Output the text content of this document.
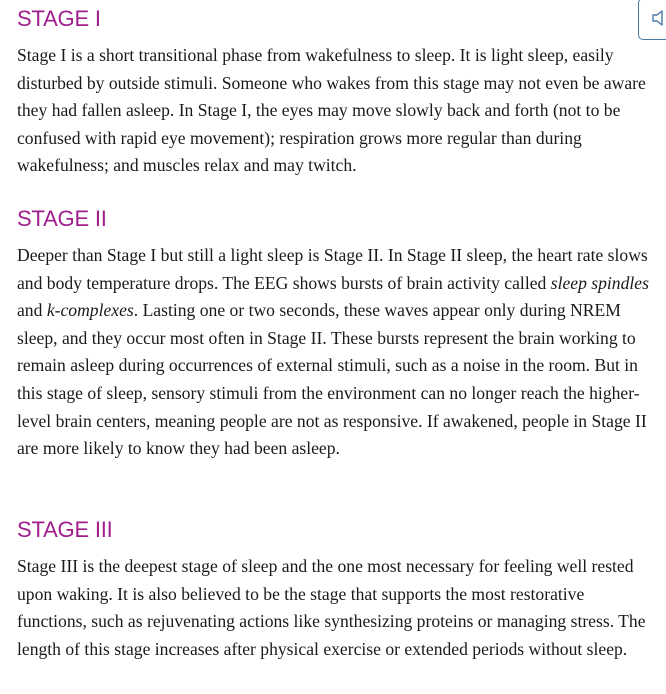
STAGE I

Stage I is a short transitional phase from wakefulness to sleep. It is light sleep, easily disturbed by outside stimuli. Someone who wakes from this stage may not even be aware they had fallen asleep. In Stage I, the eyes may move slowly back and forth (not to be confused with rapid eye movement); respiration grows more regular than during wakefulness; and muscles relax and may twitch.

STAGE II

Deeper than Stage I but still a light sleep is Stage II. In Stage II sleep, the heart rate slows and body temperature drops. The EEG shows bursts of brain activity called sleep spindles and k-complexes. Lasting one or two seconds, these waves appear only during NREM sleep, and they occur most often in Stage II. These bursts represent the brain working to remain asleep during occurrences of external stimuli, such as a noise in the room. But in this stage of sleep, sensory stimuli from the environment can no longer reach the higher-level brain centers, meaning people are not as responsive. If awakened, people in Stage II are more likely to know they had been asleep.

STAGE III

Stage III is the deepest stage of sleep and the one most necessary for feeling well rested upon waking. It is also believed to be the stage that supports the most restorative functions, such as rejuvenating actions like synthesizing proteins or managing stress. The length of this stage increases after physical exercise or extended periods without sleep.
